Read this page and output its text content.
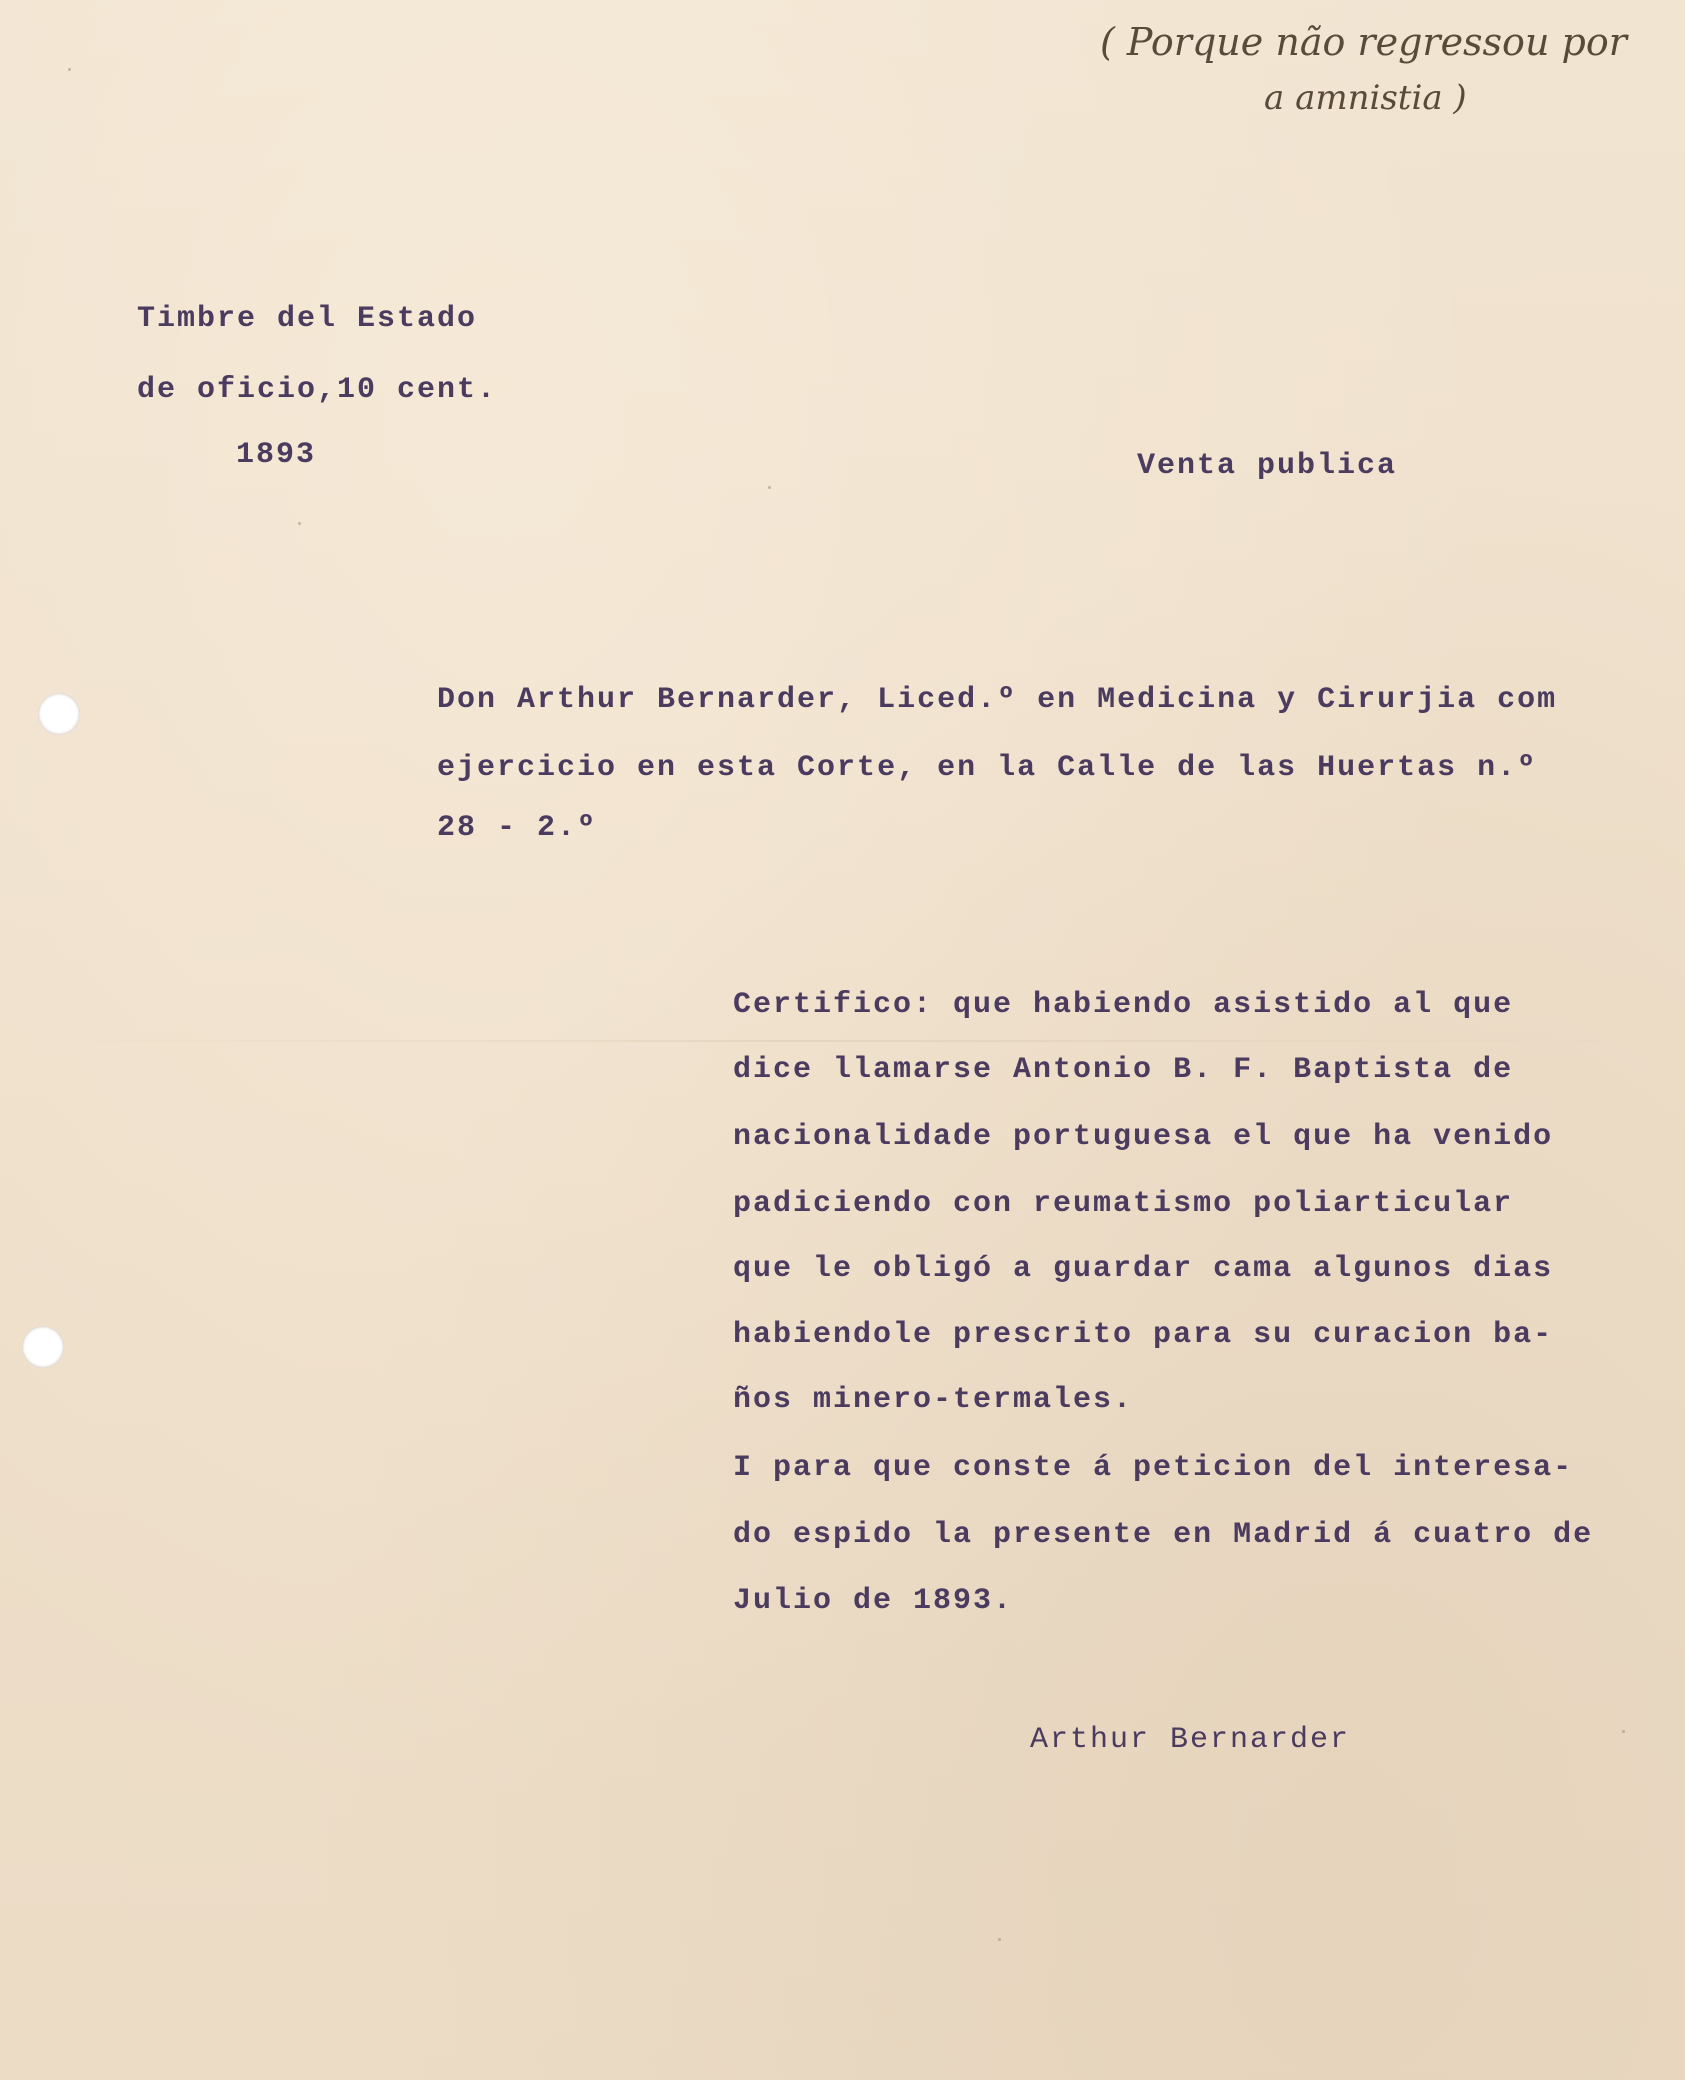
( Porque não regressou por
a amnistia )
Timbre del Estado
de oficio,10 cent.
1893	Venta publica
Don Arthur Bernarder, Liced.º en Medicina y Cirurjia com
ejercicio en esta Corte, en la Calle de las Huertas n.º
28 - 2.º
Certifico: que habiendo asistido al que
dice llamarse Antonio B. F. Baptista de
nacionalidade portuguesa el que ha venido
padiciendo con reumatismo poliarticular
que le obligó a guardar cama algunos dias
habiendole prescrito para su curacion ba-
ños minero-termales.
I para que conste á peticion del interesa-
do espido la presente en Madrid á cuatro de
Julio de 1893.
Arthur Bernarder
